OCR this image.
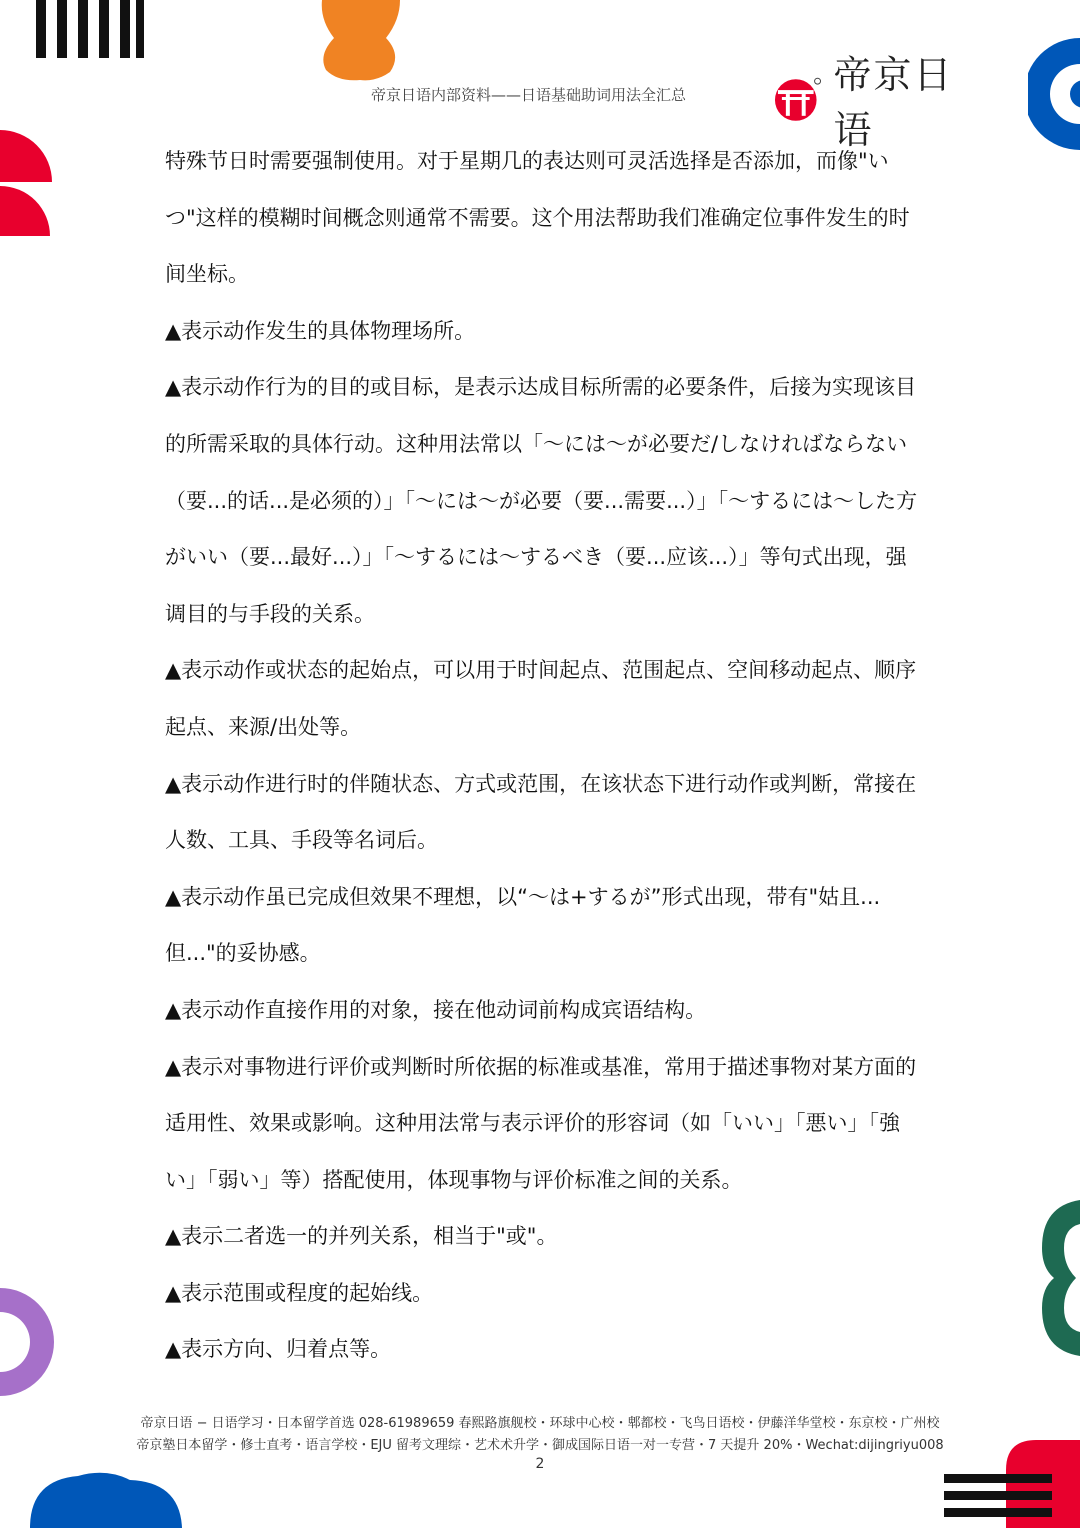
帝京日语内部资料——日语基础助词用法全汇总	帝京日语

特殊节日时需要强制使用。对于星期几的表达则可灵活选择是否添加，而像"いつ"这样的模糊时间概念则通常不需要。这个用法帮助我们准确定位事件发生的时间坐标。

▲表示动作发生的具体物理场所。

▲表示动作行为的目的或目标，是表示达成目标所需的必要条件，后接为实现该目的所需采取的具体行动。这种用法常以「～には～が必要だ/しなければならない（要...的话...是必须的）」「～には～が必要（要...需要...）」「～するには～した方がいい（要...最好...）」「～するには～するべき（要...应该...）」等句式出现，强调目的与手段的关系。

▲表示动作或状态的起始点，可以用于时间起点、范围起点、空间移动起点、顺序起点、来源/出处等。

▲表示动作进行时的伴随状态、方式或范围，在该状态下进行动作或判断，常接在人数、工具、手段等名词后。

▲表示动作虽已完成但效果不理想，以“～は+するが”形式出现，带有"姑且...但..."的妥协感。

▲表示动作直接作用的对象，接在他动词前构成宾语结构。

▲表示对事物进行评价或判断时所依据的标准或基准，常用于描述事物对某方面的适用性、效果或影响。这种用法常与表示评价的形容词（如「いい」「悪い」「強い」「弱い」等）搭配使用，体现事物与评价标准之间的关系。

▲表示二者选一的并列关系，相当于"或"。

▲表示范围或程度的起始线。

▲表示方向、归着点等。

帝京日语 − 日语学习・日本留学首选 028-61989659 春熙路旗舰校・环球中心校・郫都校・飞鸟日语校・伊藤洋华堂校・东京校・广州校
帝京塾日本留学・修士直考・语言学校・EJU 留考文理综・艺术术升学・御成国际日语一对一专营・7 天提升 20%・Wechat:dijingriyu008
2
